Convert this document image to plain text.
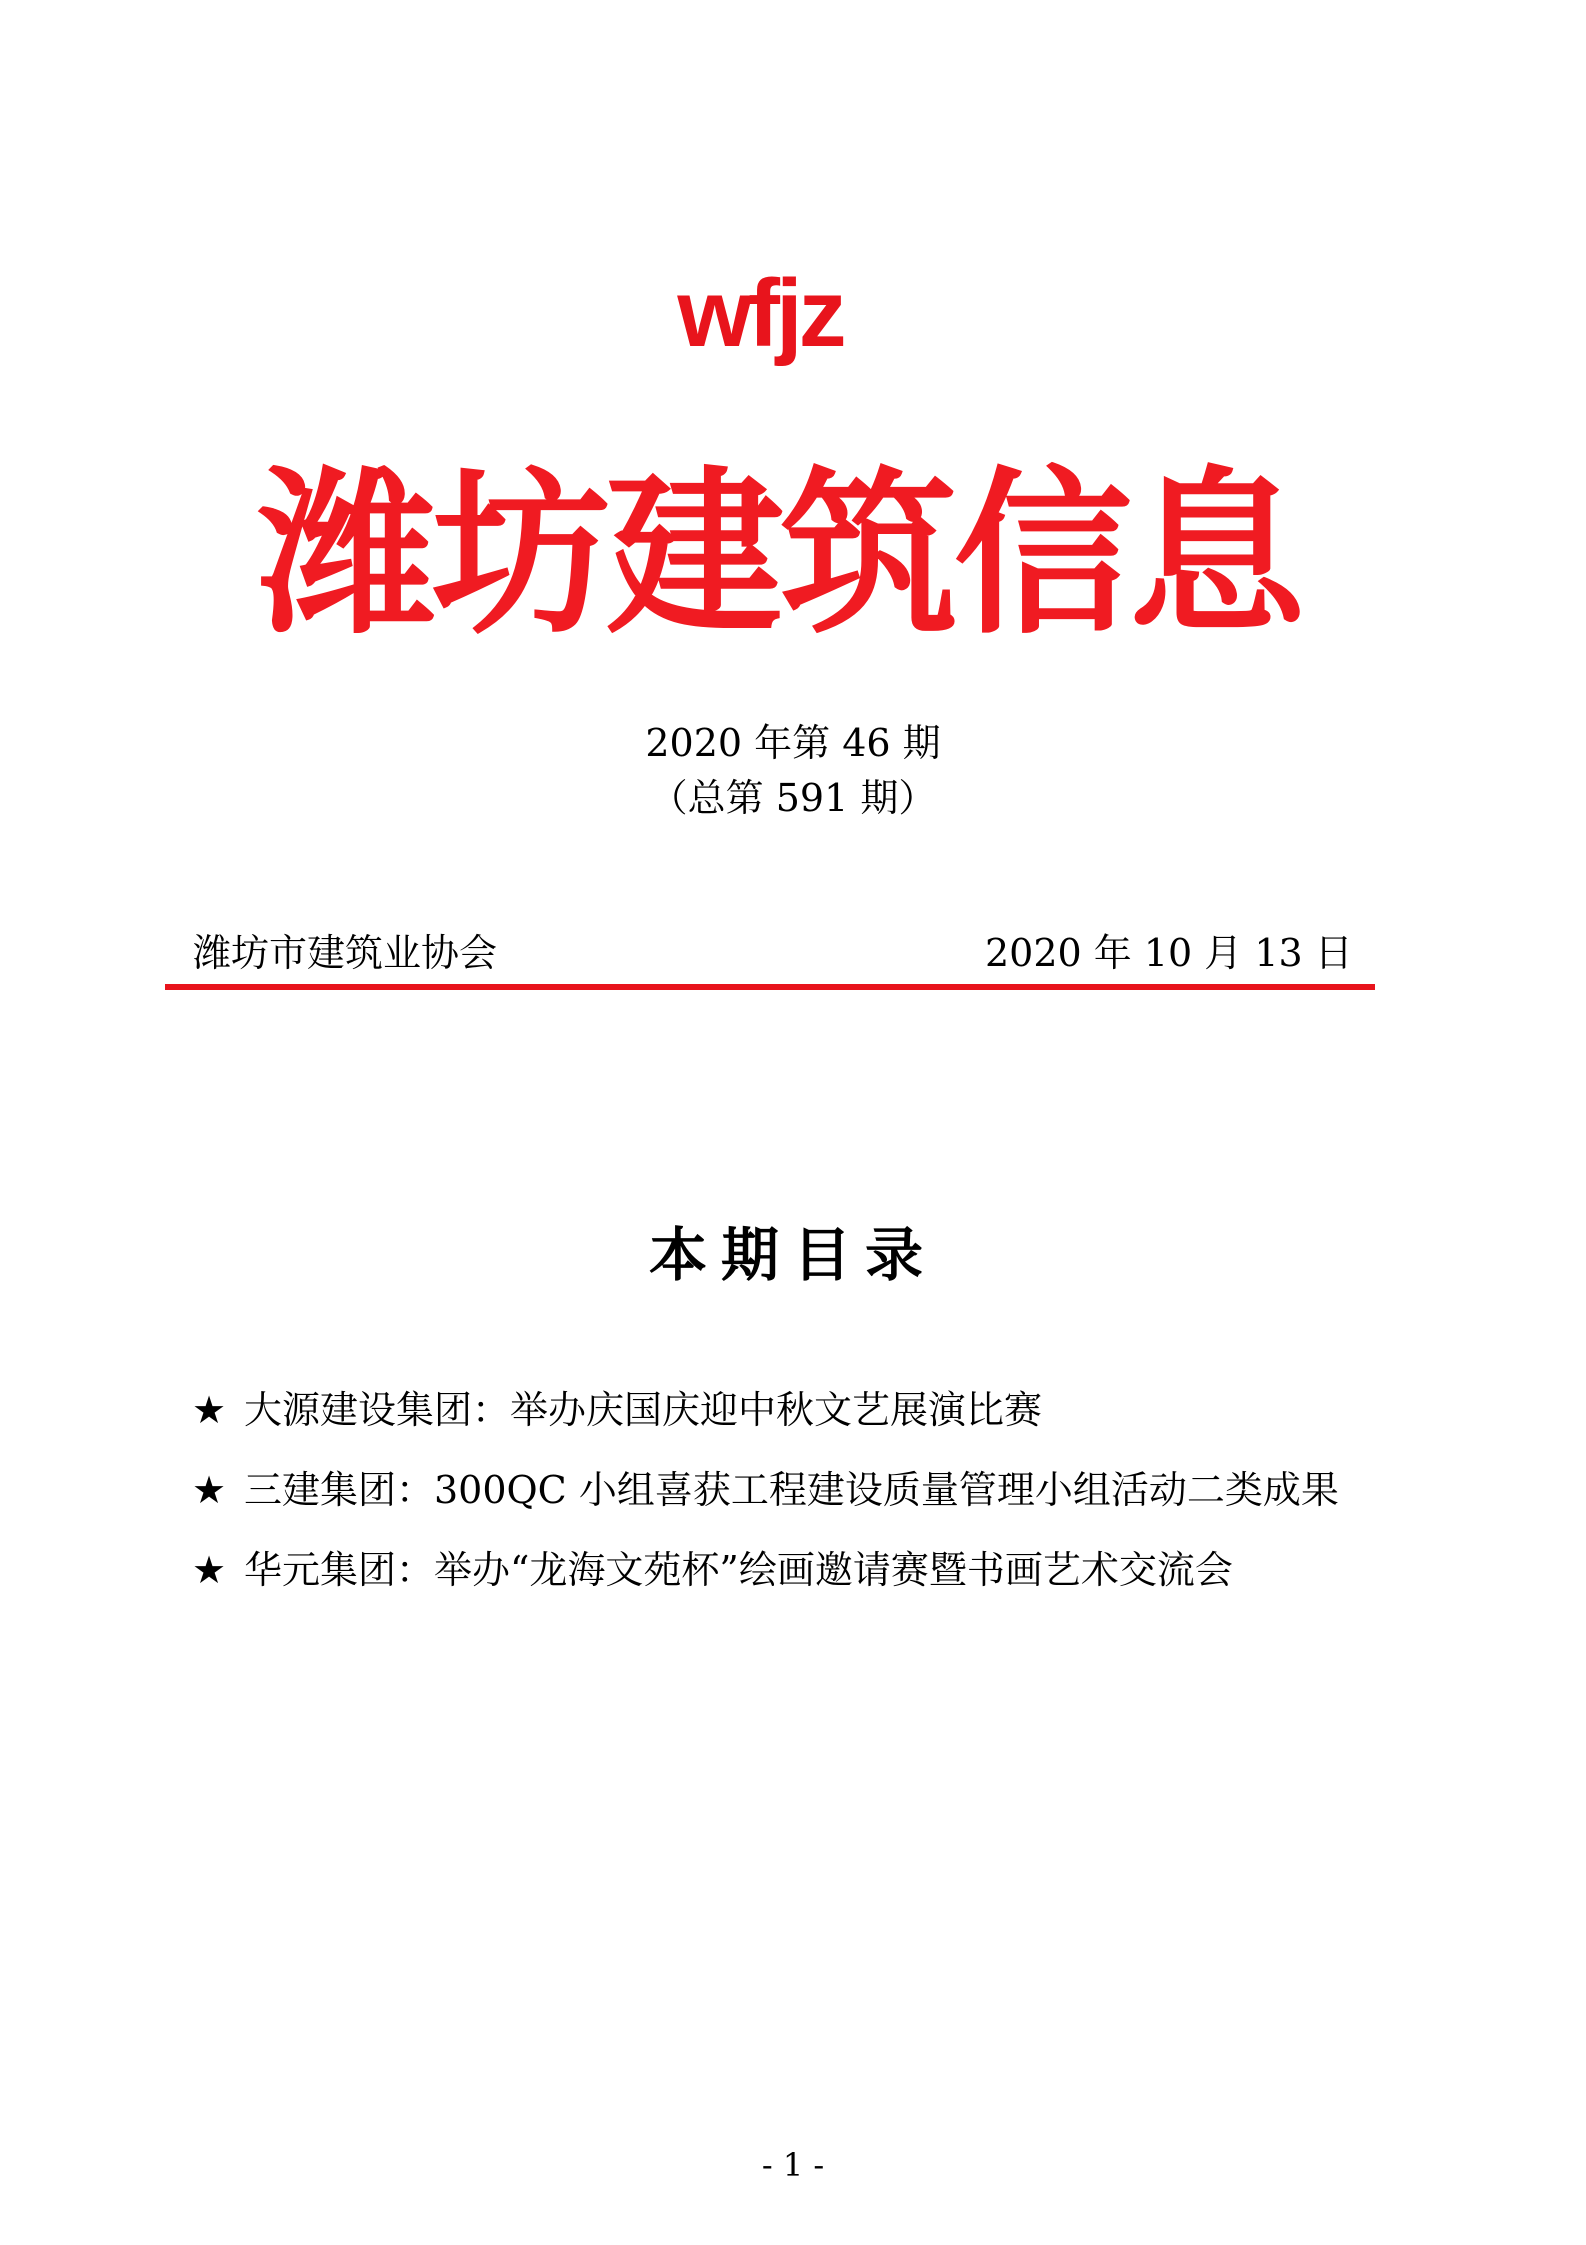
wfjz
潍坊建筑信息
2020 年第 46 期
（总第 591 期）
潍坊市建筑业协会	2020 年 10 月 13 日
本期目录
★ 大源建设集团：举办庆国庆迎中秋文艺展演比赛
★ 三建集团：300QC 小组喜获工程建设质量管理小组活动二类成果
★ 华元集团：举办“龙海文苑杯”绘画邀请赛暨书画艺术交流会
- 1 -
